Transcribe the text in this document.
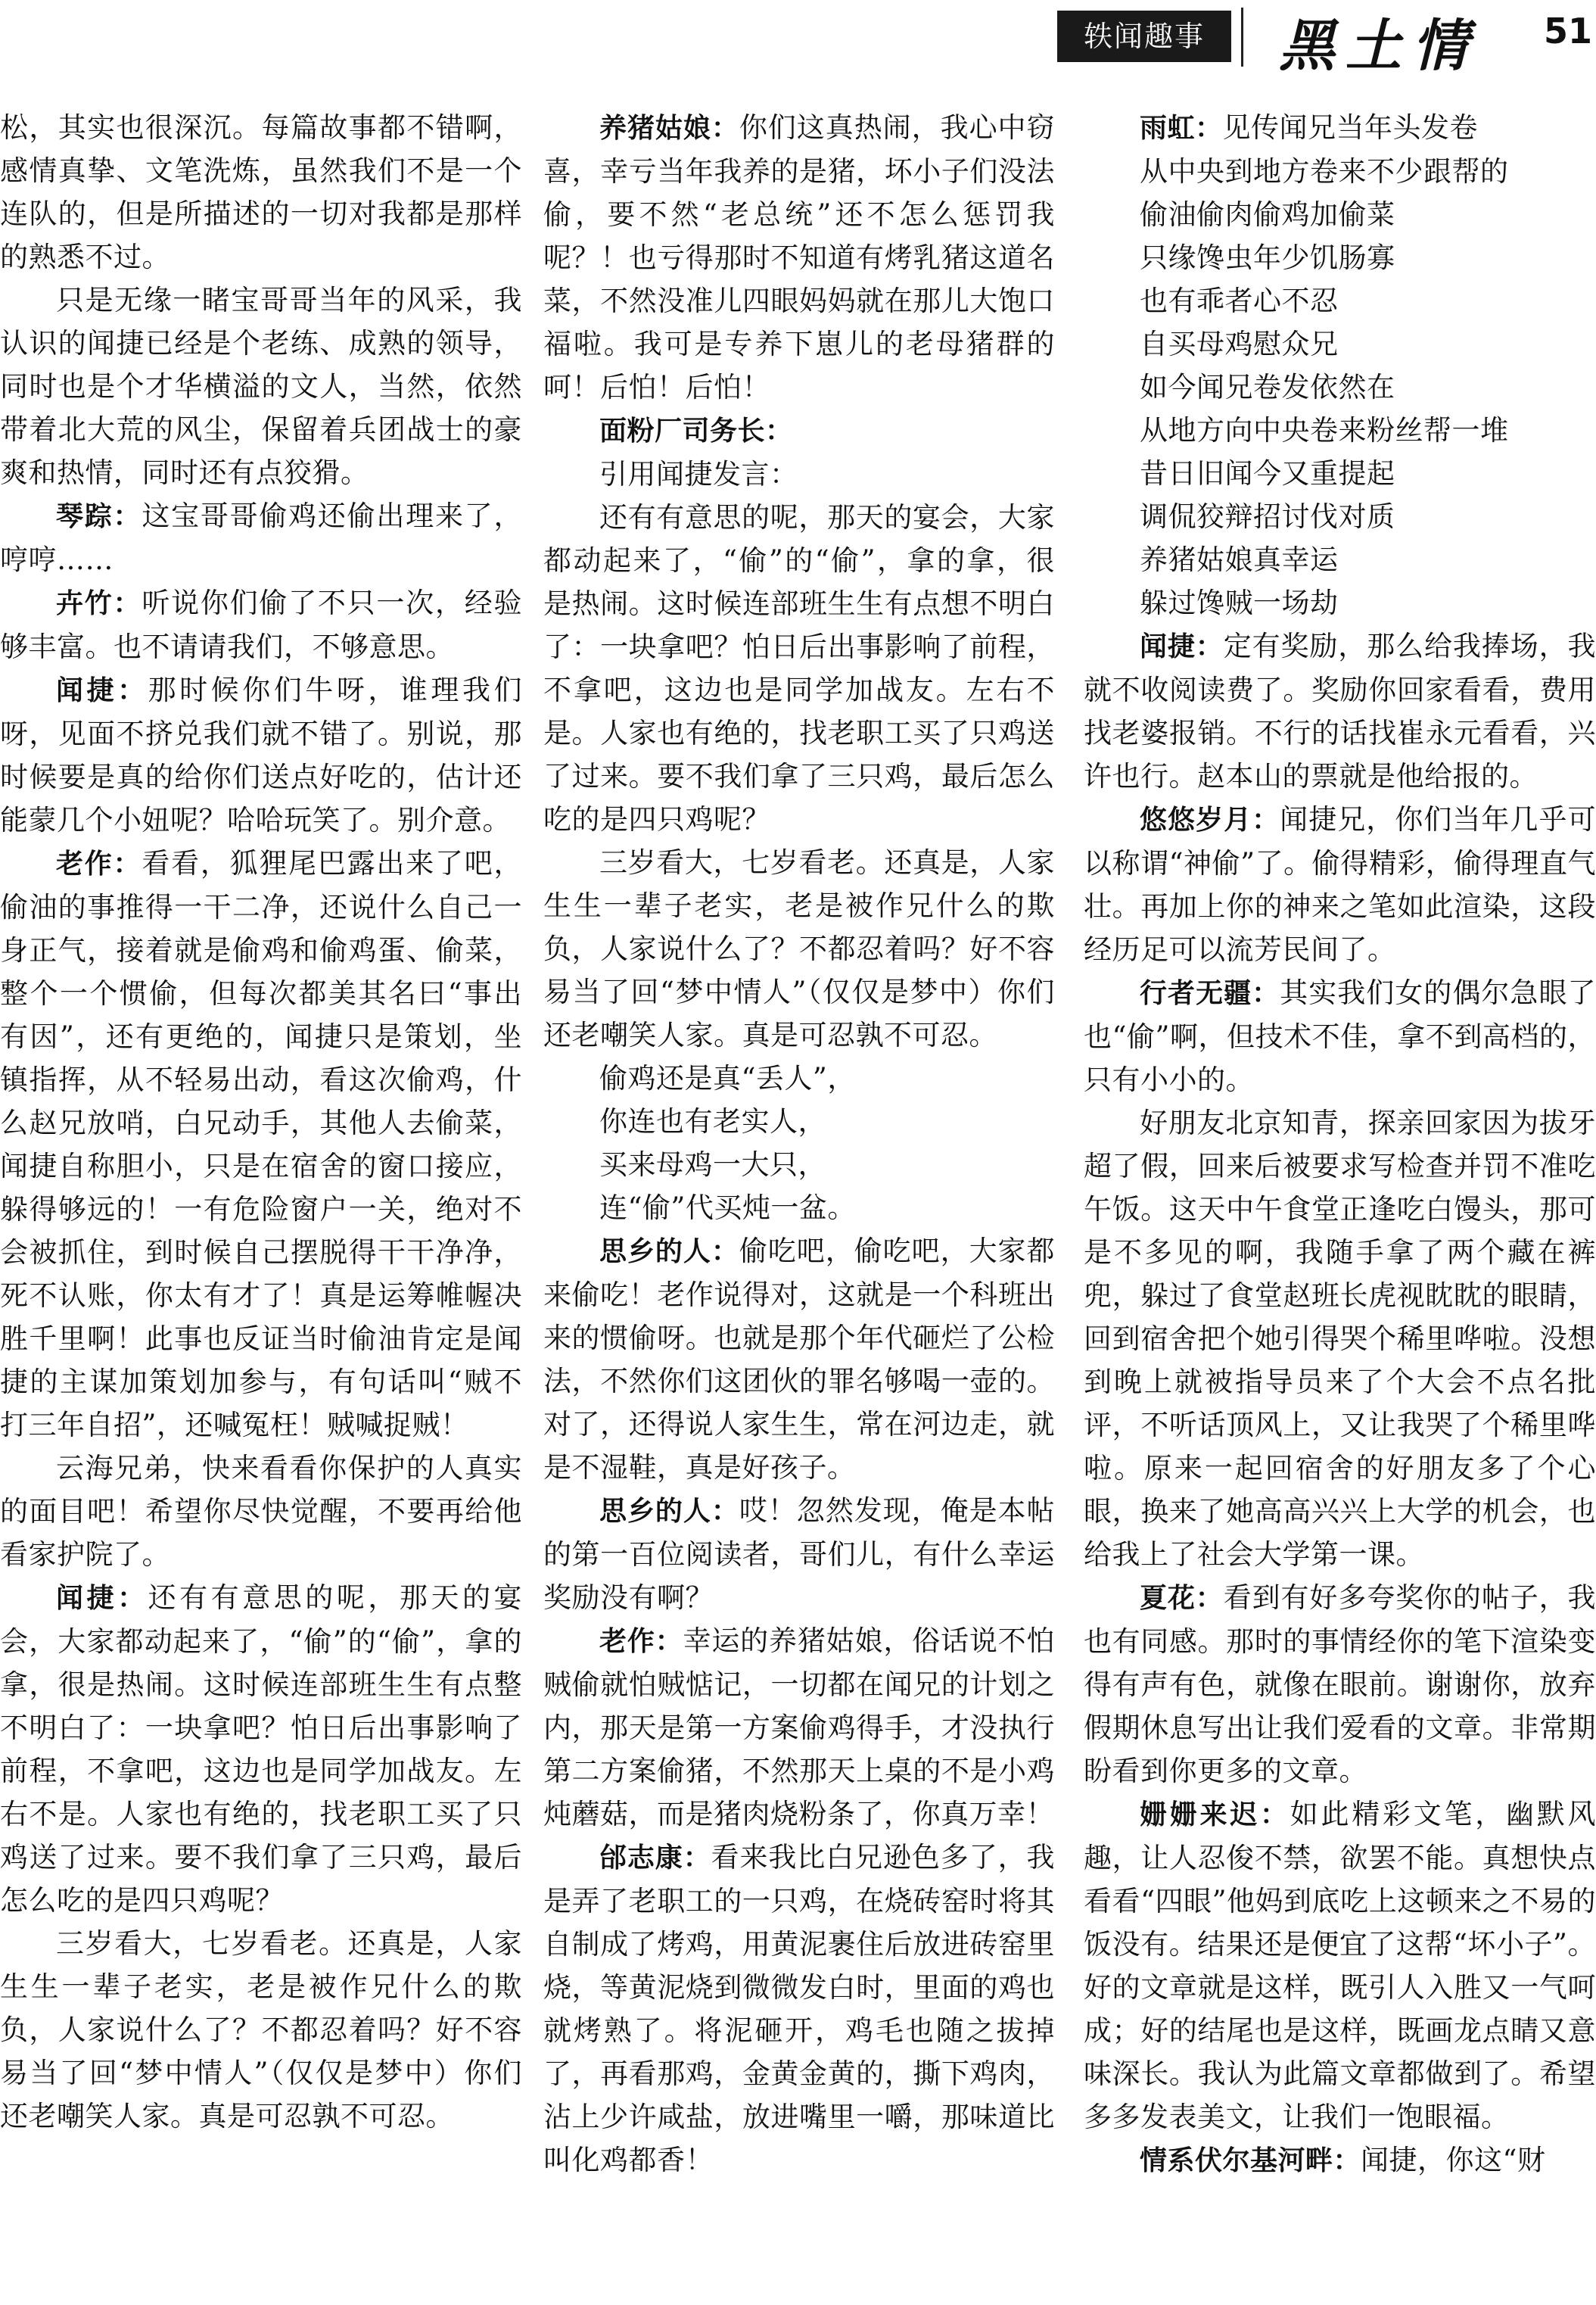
轶闻趣事	黑土情 51

松，其实也很深沉。每篇故事都不错啊，感情真挚、文笔洗炼，虽然我们不是一个连队的，但是所描述的一切对我都是那样的熟悉不过。

只是无缘一睹宝哥哥当年的风采，我认识的闻捷已经是个老练、成熟的领导，同时也是个才华横溢的文人，当然，依然带着北大荒的风尘，保留着兵团战士的豪爽和热情，同时还有点狡猾。

琴踪：这宝哥哥偷鸡还偷出理来了，哼哼……

卉竹：听说你们偷了不只一次，经验够丰富。也不请请我们，不够意思。

闻捷：那时候你们牛呀，谁理我们呀，见面不挤兑我们就不错了。别说，那时候要是真的给你们送点好吃的，估计还能蒙几个小妞呢？哈哈玩笑了。别介意。

老作：看看，狐狸尾巴露出来了吧，偷油的事推得一干二净，还说什么自己一身正气，接着就是偷鸡和偷鸡蛋、偷菜，整个一个惯偷，但每次都美其名曰“事出有因”，还有更绝的，闻捷只是策划，坐镇指挥，从不轻易出动，看这次偷鸡，什么赵兄放哨，白兄动手，其他人去偷菜，闻捷自称胆小，只是在宿舍的窗口接应，躲得够远的！一有危险窗户一关，绝对不会被抓住，到时候自己摆脱得干干净净，死不认账，你太有才了！真是运筹帷幄决胜千里啊！此事也反证当时偷油肯定是闻捷的主谋加策划加参与，有句话叫“贼不打三年自招”，还喊冤枉！贼喊捉贼！

云海兄弟，快来看看你保护的人真实的面目吧！希望你尽快觉醒，不要再给他看家护院了。

闻捷：还有有意思的呢，那天的宴会，大家都动起来了，“偷”的“偷”，拿的拿，很是热闹。这时候连部班生生有点整不明白了：一块拿吧？怕日后出事影响了前程，不拿吧，这边也是同学加战友。左右不是。人家也有绝的，找老职工买了只鸡送了过来。要不我们拿了三只鸡，最后怎么吃的是四只鸡呢？

三岁看大，七岁看老。还真是，人家生生一辈子老实，老是被作兄什么的欺负，人家说什么了？不都忍着吗？好不容易当了回“梦中情人”（仅仅是梦中）你们还老嘲笑人家。真是可忍孰不可忍。

养猪姑娘：你们这真热闹，我心中窃喜，幸亏当年我养的是猪，坏小子们没法偷，要不然“老总统”还不怎么惩罚我呢？！也亏得那时不知道有烤乳猪这道名菜，不然没准儿四眼妈妈就在那儿大饱口福啦。我可是专养下崽儿的老母猪群的呵！后怕！后怕！

面粉厂司务长：

引用闻捷发言：

还有有意思的呢，那天的宴会，大家都动起来了，“偷”的“偷”，拿的拿，很是热闹。这时候连部班生生有点想不明白了：一块拿吧？怕日后出事影响了前程，不拿吧，这边也是同学加战友。左右不是。人家也有绝的，找老职工买了只鸡送了过来。要不我们拿了三只鸡，最后怎么吃的是四只鸡呢？

三岁看大，七岁看老。还真是，人家生生一辈子老实，老是被作兄什么的欺负，人家说什么了？不都忍着吗？好不容易当了回“梦中情人”（仅仅是梦中）你们还老嘲笑人家。真是可忍孰不可忍。

偷鸡还是真“丢人”，

你连也有老实人，

买来母鸡一大只，

连“偷”代买炖一盆。

思乡的人：偷吃吧，偷吃吧，大家都来偷吃！老作说得对，这就是一个科班出来的惯偷呀。也就是那个年代砸烂了公检法，不然你们这团伙的罪名够喝一壶的。对了，还得说人家生生，常在河边走，就是不湿鞋，真是好孩子。

思乡的人：哎！忽然发现，俺是本帖的第一百位阅读者，哥们儿，有什么幸运奖励没有啊？

老作：幸运的养猪姑娘，俗话说不怕贼偷就怕贼惦记，一切都在闻兄的计划之内，那天是第一方案偷鸡得手，才没执行第二方案偷猪，不然那天上桌的不是小鸡炖蘑菇，而是猪肉烧粉条了，你真万幸！

邰志康：看来我比白兄逊色多了，我是弄了老职工的一只鸡，在烧砖窑时将其自制成了烤鸡，用黄泥裹住后放进砖窑里烧，等黄泥烧到微微发白时，里面的鸡也就烤熟了。将泥砸开，鸡毛也随之拔掉了，再看那鸡，金黄金黄的，撕下鸡肉，沾上少许咸盐，放进嘴里一嚼，那味道比叫化鸡都香！

雨虹：见传闻兄当年头发卷

从中央到地方卷来不少跟帮的

偷油偷肉偷鸡加偷菜

只缘馋虫年少饥肠寡

也有乖者心不忍

自买母鸡慰众兄

如今闻兄卷发依然在

从地方向中央卷来粉丝帮一堆

昔日旧闻今又重提起

调侃狡辩招讨伐对质

养猪姑娘真幸运

躲过馋贼一场劫

闻捷：定有奖励，那么给我捧场，我就不收阅读费了。奖励你回家看看，费用找老婆报销。不行的话找崔永元看看，兴许也行。赵本山的票就是他给报的。

悠悠岁月：闻捷兄，你们当年几乎可以称谓“神偷”了。偷得精彩，偷得理直气壮。再加上你的神来之笔如此渲染，这段经历足可以流芳民间了。

行者无疆：其实我们女的偶尔急眼了也“偷”啊，但技术不佳，拿不到高档的，只有小小的。

好朋友北京知青，探亲回家因为拔牙超了假，回来后被要求写检查并罚不准吃午饭。这天中午食堂正逢吃白馒头，那可是不多见的啊，我随手拿了两个藏在裤兜，躲过了食堂赵班长虎视眈眈的眼睛，回到宿舍把个她引得哭个稀里哗啦。没想到晚上就被指导员来了个大会不点名批评，不听话顶风上，又让我哭了个稀里哗啦。原来一起回宿舍的好朋友多了个心眼，换来了她高高兴兴上大学的机会，也给我上了社会大学第一课。

夏花：看到有好多夸奖你的帖子，我也有同感。那时的事情经你的笔下渲染变得有声有色，就像在眼前。谢谢你，放弃假期休息写出让我们爱看的文章。非常期盼看到你更多的文章。

姗姗来迟：如此精彩文笔，幽默风趣，让人忍俊不禁，欲罢不能。真想快点看看“四眼”他妈到底吃上这顿来之不易的饭没有。结果还是便宜了这帮“坏小子”。好的文章就是这样，既引人入胜又一气呵成；好的结尾也是这样，既画龙点睛又意味深长。我认为此篇文章都做到了。希望多多发表美文，让我们一饱眼福。

情系伏尔基河畔：闻捷，你这“财
